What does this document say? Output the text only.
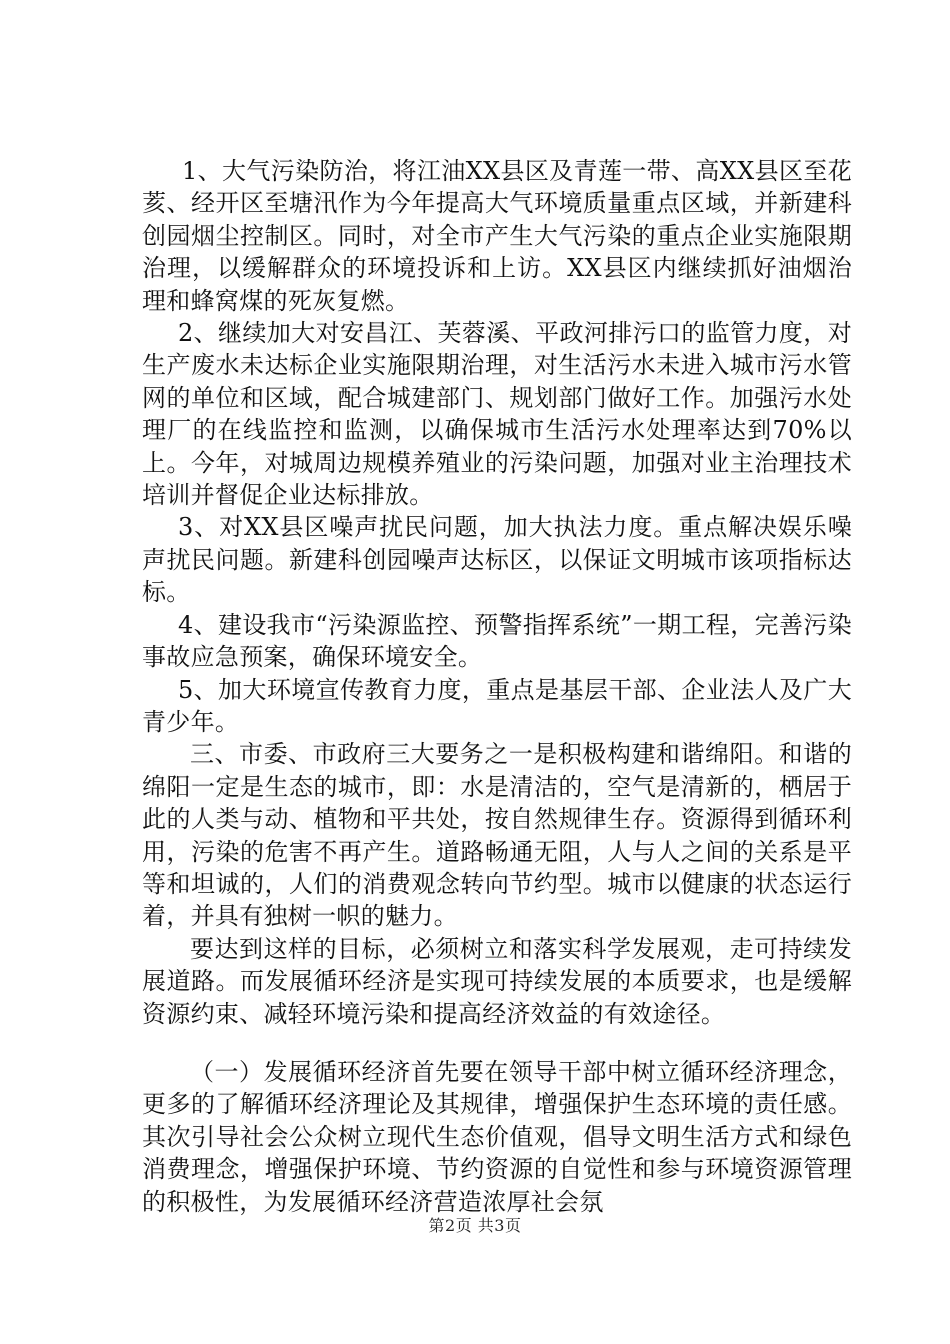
1、大气污染防治，将江油XX县区及青莲一带、高XX县区至花荄、经开区至塘汛作为今年提高大气环境质量重点区域，并新建科创园烟尘控制区。同时，对全市产生大气污染的重点企业实施限期治理，以缓解群众的环境投诉和上访。XX县区内继续抓好油烟治理和蜂窝煤的死灰复燃。

2、继续加大对安昌江、芙蓉溪、平政河排污口的监管力度，对生产废水未达标企业实施限期治理，对生活污水未进入城市污水管网的单位和区域，配合城建部门、规划部门做好工作。加强污水处理厂的在线监控和监测，以确保城市生活污水处理率达到70%以上。今年，对城周边规模养殖业的污染问题，加强对业主治理技术培训并督促企业达标排放。

3、对XX县区噪声扰民问题，加大执法力度。重点解决娱乐噪声扰民问题。新建科创园噪声达标区，以保证文明城市该项指标达标。

4、建设我市“污染源监控、预警指挥系统”一期工程，完善污染事故应急预案，确保环境安全。

5、加大环境宣传教育力度，重点是基层干部、企业法人及广大青少年。

三、市委、市政府三大要务之一是积极构建和谐绵阳。和谐的绵阳一定是生态的城市，即：水是清洁的，空气是清新的，栖居于此的人类与动、植物和平共处，按自然规律生存。资源得到循环利用，污染的危害不再产生。道路畅通无阻，人与人之间的关系是平等和坦诚的，人们的消费观念转向节约型。城市以健康的状态运行着，并具有独树一帜的魅力。

要达到这样的目标，必须树立和落实科学发展观，走可持续发展道路。而发展循环经济是实现可持续发展的本质要求，也是缓解资源约束、减轻环境污染和提高经济效益的有效途径。

（一）发展循环经济首先要在领导干部中树立循环经济理念，更多的了解循环经济理论及其规律，增强保护生态环境的责任感。其次引导社会公众树立现代生态价值观，倡导文明生活方式和绿色消费理念，增强保护环境、节约资源的自觉性和参与环境资源管理的积极性，为发展循环经济营造浓厚社会氛

第2页 共3页
